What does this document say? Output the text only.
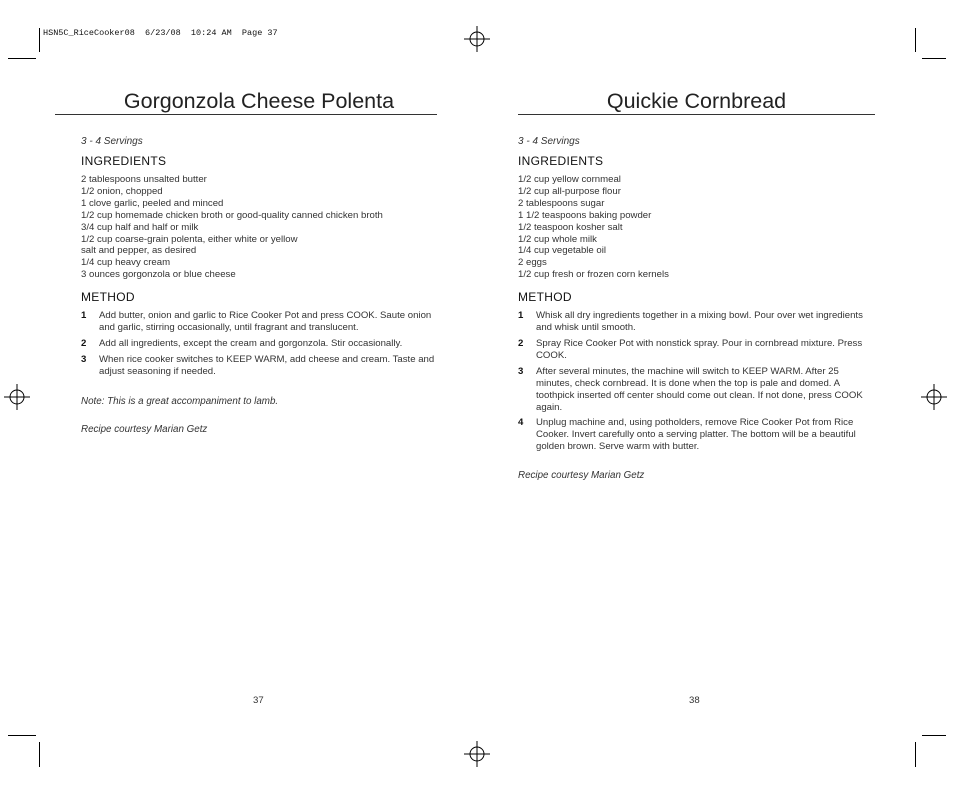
HSN5C_RiceCooker08  6/23/08  10:24 AM  Page 37
Gorgonzola Cheese Polenta
3 - 4 Servings
INGREDIENTS
2 tablespoons unsalted butter
1/2 onion, chopped
1 clove garlic, peeled and minced
1/2 cup homemade chicken broth or good-quality canned chicken broth
3/4 cup half and half or milk
1/2 cup coarse-grain polenta, either white or yellow
salt and pepper, as desired
1/4 cup heavy cream
3 ounces gorgonzola or blue cheese
METHOD
1 Add butter, onion and garlic to Rice Cooker Pot and press COOK. Saute onion and garlic, stirring occasionally, until fragrant and translucent.
2 Add all ingredients, except the cream and gorgonzola. Stir occasionally.
3 When rice cooker switches to KEEP WARM, add cheese and cream. Taste and adjust seasoning if needed.
Note: This is a great accompaniment to lamb.
Recipe courtesy Marian Getz
37
Quickie Cornbread
3 - 4 Servings
INGREDIENTS
1/2 cup yellow cornmeal
1/2 cup all-purpose flour
2 tablespoons sugar
1 1/2 teaspoons baking powder
1/2 teaspoon kosher salt
1/2 cup whole milk
1/4 cup vegetable oil
2 eggs
1/2 cup fresh or frozen corn kernels
METHOD
1 Whisk all dry ingredients together in a mixing bowl. Pour over wet ingredients and whisk until smooth.
2 Spray Rice Cooker Pot with nonstick spray. Pour in cornbread mixture. Press COOK.
3 After several minutes, the machine will switch to KEEP WARM. After 25 minutes, check cornbread. It is done when the top is pale and domed. A toothpick inserted off center should come out clean. If not done, press COOK again.
4 Unplug machine and, using potholders, remove Rice Cooker Pot from Rice Cooker. Invert carefully onto a serving platter. The bottom will be a beautiful golden brown. Serve warm with butter.
Recipe courtesy Marian Getz
38
